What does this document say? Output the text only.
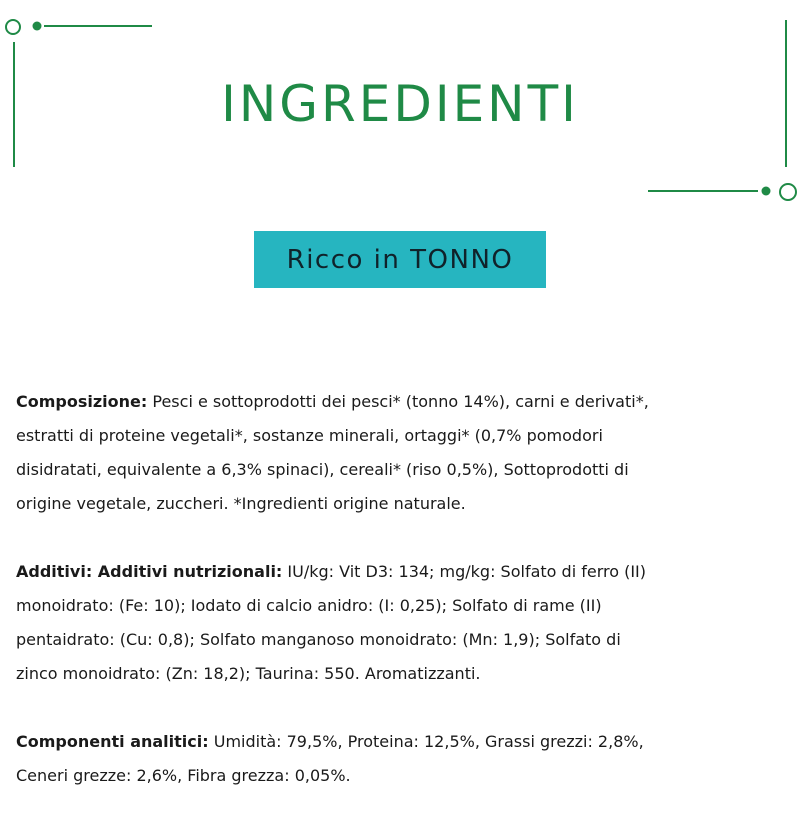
INGREDIENTI
Ricco in TONNO
Composizione: Pesci e sottoprodotti dei pesci* (tonno 14%), carni e derivati*,
estratti di proteine vegetali*, sostanze minerali, ortaggi* (0,7% pomodori
disidratati, equivalente a 6,3% spinaci), cereali* (riso 0,5%), Sottoprodotti di
origine vegetale, zuccheri. *Ingredienti origine naturale.
Additivi: Additivi nutrizionali: IU/kg: Vit D3: 134; mg/kg: Solfato di ferro (II)
monoidrato: (Fe: 10); Iodato di calcio anidro: (I: 0,25); Solfato di rame (II)
pentaidrato: (Cu: 0,8); Solfato manganoso monoidrato: (Mn: 1,9); Solfato di
zinco monoidrato: (Zn: 18,2); Taurina: 550. Aromatizzanti.
Componenti analitici: Umidità: 79,5%, Proteina: 12,5%, Grassi grezzi: 2,8%,
Ceneri grezze: 2,6%, Fibra grezza: 0,05%.
